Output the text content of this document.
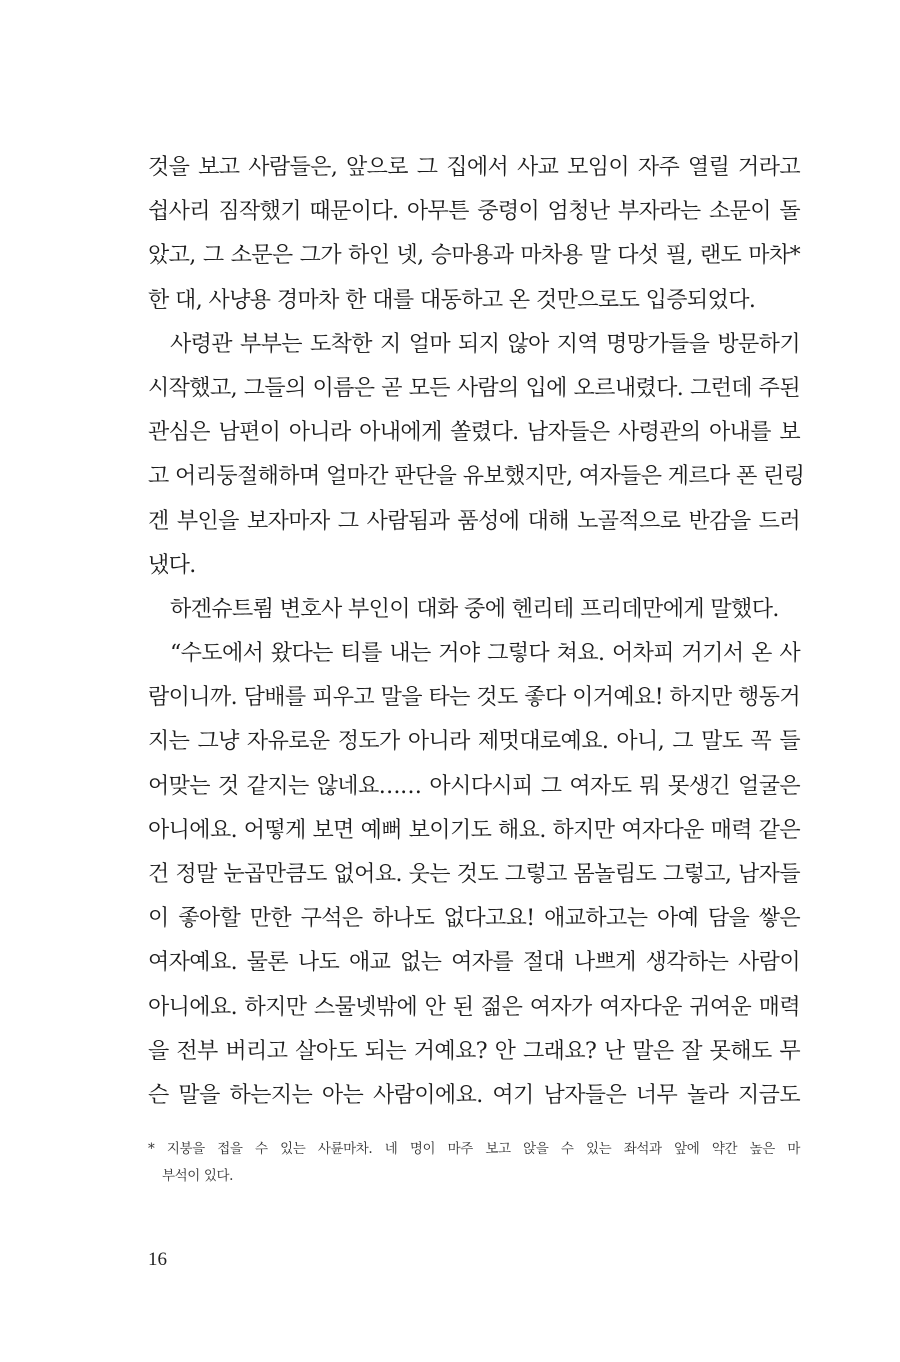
것을 보고 사람들은, 앞으로 그 집에서 사교 모임이 자주 열릴 거라고
쉽사리 짐작했기 때문이다. 아무튼 중령이 엄청난 부자라는 소문이 돌
았고, 그 소문은 그가 하인 넷, 승마용과 마차용 말 다섯 필, 랜도 마차*
한 대, 사냥용 경마차 한 대를 대동하고 온 것만으로도 입증되었다.
사령관 부부는 도착한 지 얼마 되지 않아 지역 명망가들을 방문하기
시작했고, 그들의 이름은 곧 모든 사람의 입에 오르내렸다. 그런데 주된
관심은 남편이 아니라 아내에게 쏠렸다. 남자들은 사령관의 아내를 보
고 어리둥절해하며 얼마간 판단을 유보했지만, 여자들은 게르다 폰 린링
겐 부인을 보자마자 그 사람됨과 품성에 대해 노골적으로 반감을 드러
냈다.
하겐슈트룀 변호사 부인이 대화 중에 헨리테 프리데만에게 말했다.
“수도에서 왔다는 티를 내는 거야 그렇다 쳐요. 어차피 거기서 온 사
람이니까. 담배를 피우고 말을 타는 것도 좋다 이거예요! 하지만 행동거
지는 그냥 자유로운 정도가 아니라 제멋대로예요. 아니, 그 말도 꼭 들
어맞는 것 같지는 않네요…… 아시다시피 그 여자도 뭐 못생긴 얼굴은
아니에요. 어떻게 보면 예뻐 보이기도 해요. 하지만 여자다운 매력 같은
건 정말 눈곱만큼도 없어요. 웃는 것도 그렇고 몸놀림도 그렇고, 남자들
이 좋아할 만한 구석은 하나도 없다고요! 애교하고는 아예 담을 쌓은
여자예요. 물론 나도 애교 없는 여자를 절대 나쁘게 생각하는 사람이
아니에요. 하지만 스물넷밖에 안 된 젊은 여자가 여자다운 귀여운 매력
을 전부 버리고 살아도 되는 거예요? 안 그래요? 난 말은 잘 못해도 무
슨 말을 하는지는 아는 사람이에요. 여기 남자들은 너무 놀라 지금도
* 지붕을 접을 수 있는 사륜마차. 네 명이 마주 보고 앉을 수 있는 좌석과 앞에 약간 높은 마
부석이 있다.
16
